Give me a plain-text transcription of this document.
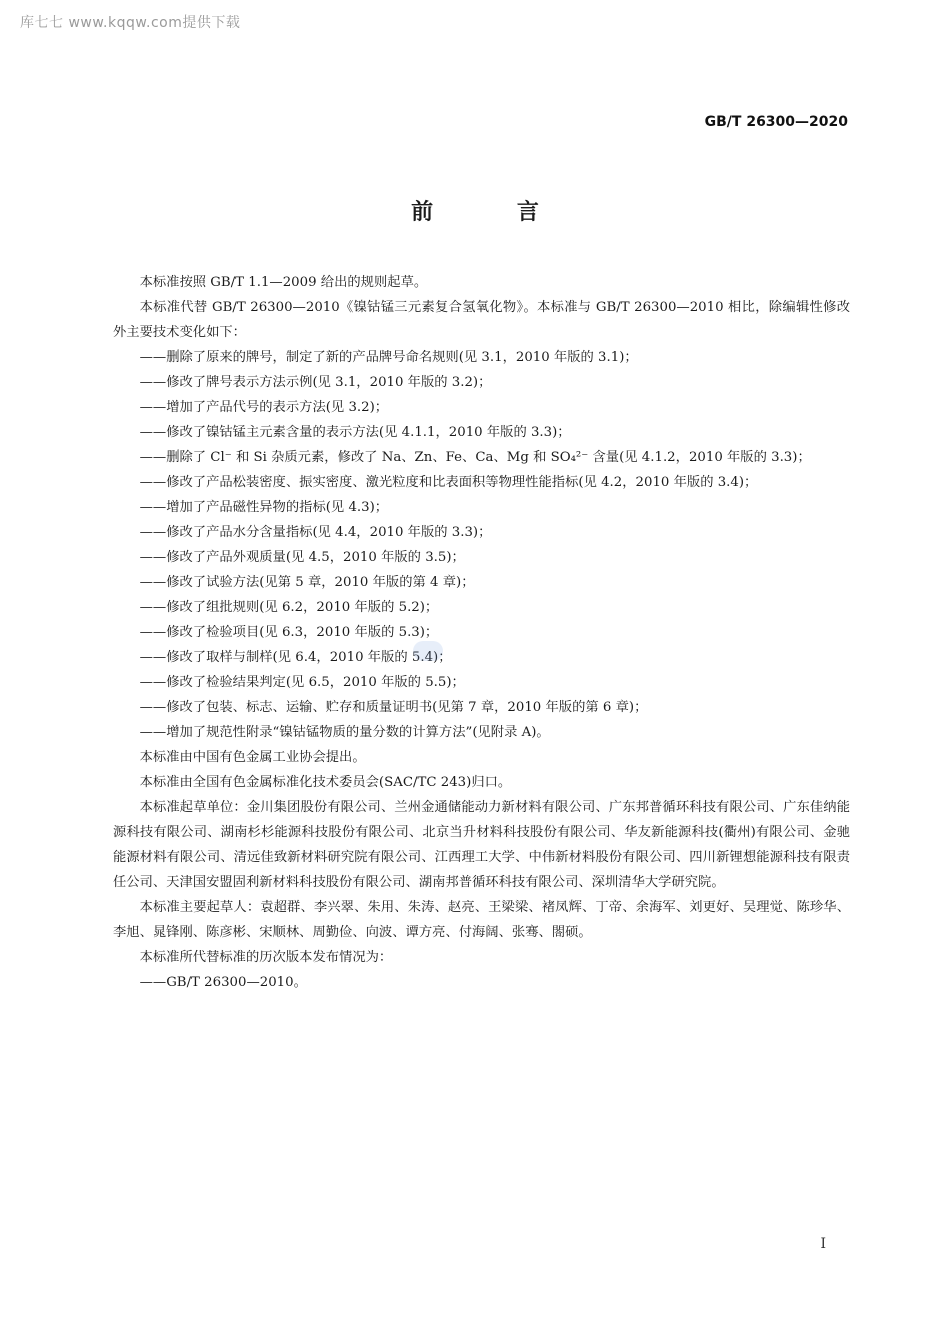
库七七 www.kqqw.com提供下载
GB/T 26300—2020
前 言

本标准按照 GB/T 1.1—2009 给出的规则起草。

本标准代替 GB/T 26300—2010《镍钴锰三元素复合氢氧化物》。本标准与 GB/T 26300—2010 相比，除编辑性修改外主要技术变化如下：

——删除了原来的牌号，制定了新的产品牌号命名规则(见 3.1，2010 年版的 3.1)；

——修改了牌号表示方法示例(见 3.1，2010 年版的 3.2)；

——增加了产品代号的表示方法(见 3.2)；

——修改了镍钴锰主元素含量的表示方法(见 4.1.1，2010 年版的 3.3)；

——删除了 Cl⁻ 和 Si 杂质元素，修改了 Na、Zn、Fe、Ca、Mg 和 SO₄²⁻ 含量(见 4.1.2，2010 年版的 3.3)；

——修改了产品松装密度、振实密度、激光粒度和比表面积等物理性能指标(见 4.2，2010 年版的 3.4)；

——增加了产品磁性异物的指标(见 4.3)；

——修改了产品水分含量指标(见 4.4，2010 年版的 3.3)；

——修改了产品外观质量(见 4.5，2010 年版的 3.5)；

——修改了试验方法(见第 5 章，2010 年版的第 4 章)；

——修改了组批规则(见 6.2，2010 年版的 5.2)；

——修改了检验项目(见 6.3，2010 年版的 5.3)；

——修改了取样与制样(见 6.4，2010 年版的 5.4)；

——修改了检验结果判定(见 6.5，2010 年版的 5.5)；

——修改了包装、标志、运输、贮存和质量证明书(见第 7 章，2010 年版的第 6 章)；

——增加了规范性附录“镍钴锰物质的量分数的计算方法”(见附录 A)。

本标准由中国有色金属工业协会提出。

本标准由全国有色金属标准化技术委员会(SAC/TC 243)归口。

本标准起草单位：金川集团股份有限公司、兰州金通储能动力新材料有限公司、广东邦普循环科技有限公司、广东佳纳能源科技有限公司、湖南杉杉能源科技股份有限公司、北京当升材料科技股份有限公司、华友新能源科技(衢州)有限公司、金驰能源材料有限公司、清远佳致新材料研究院有限公司、江西理工大学、中伟新材料股份有限公司、四川新锂想能源科技有限责任公司、天津国安盟固利新材料科技股份有限公司、湖南邦普循环科技有限公司、深圳清华大学研究院。

本标准主要起草人：袁超群、李兴翠、朱用、朱涛、赵亮、王梁梁、褚凤辉、丁帝、余海军、刘更好、吴理觉、陈珍华、李旭、晁锋刚、陈彦彬、宋顺林、周勤俭、向波、谭方亮、付海阔、张骞、閤硕。

本标准所代替标准的历次版本发布情况为：

——GB/T 26300—2010。

I
